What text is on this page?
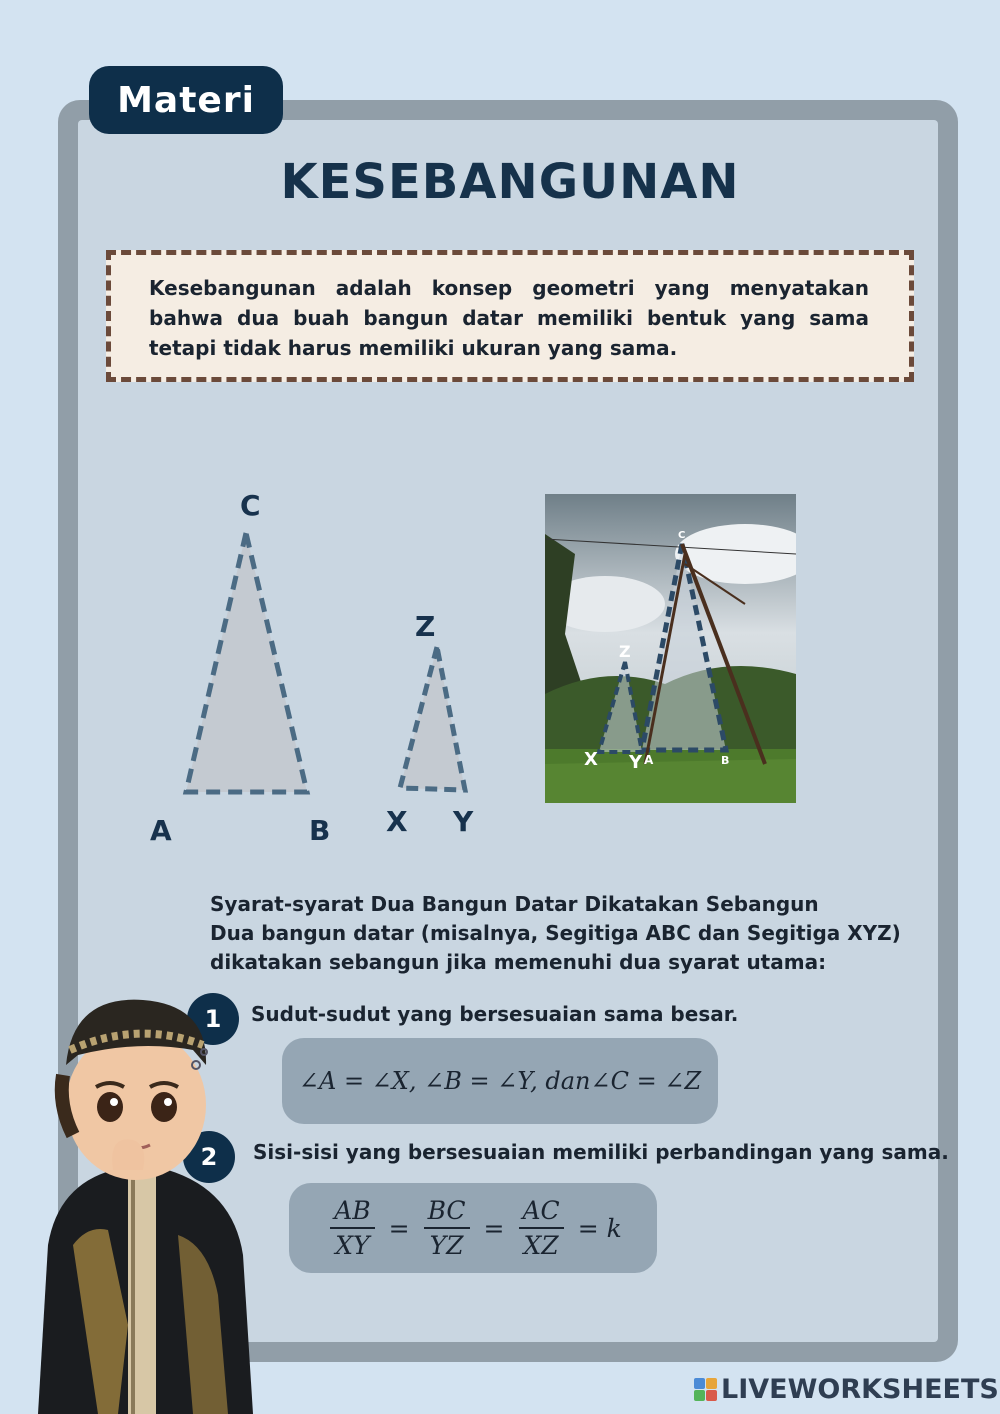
Materi
KESEBANGUNAN
Kesebangunan adalah konsep geometri yang menyatakan bahwa dua buah bangun datar memiliki bentuk yang sama tetapi tidak harus memiliki ukuran yang sama.
C
A	B
Z
X Y
C
Z
X Y A	B
Syarat-syarat Dua Bangun Datar Dikatakan Sebangun
Dua bangun datar (misalnya, Segitiga ABC dan Segitiga XYZ)
dikatakan sebangun jika memenuhi dua syarat utama:
1	Sudut-sudut yang bersesuaian sama besar.
∠A = ∠X, ∠B = ∠Y, dan∠C = ∠Z
2	Sisi-sisi yang bersesuaian memiliki perbandingan yang sama.
$\frac{AB}{XY} = \frac{BC}{YZ} = \frac{AC}{XZ} = k$
LIVEWORKSHEETS
